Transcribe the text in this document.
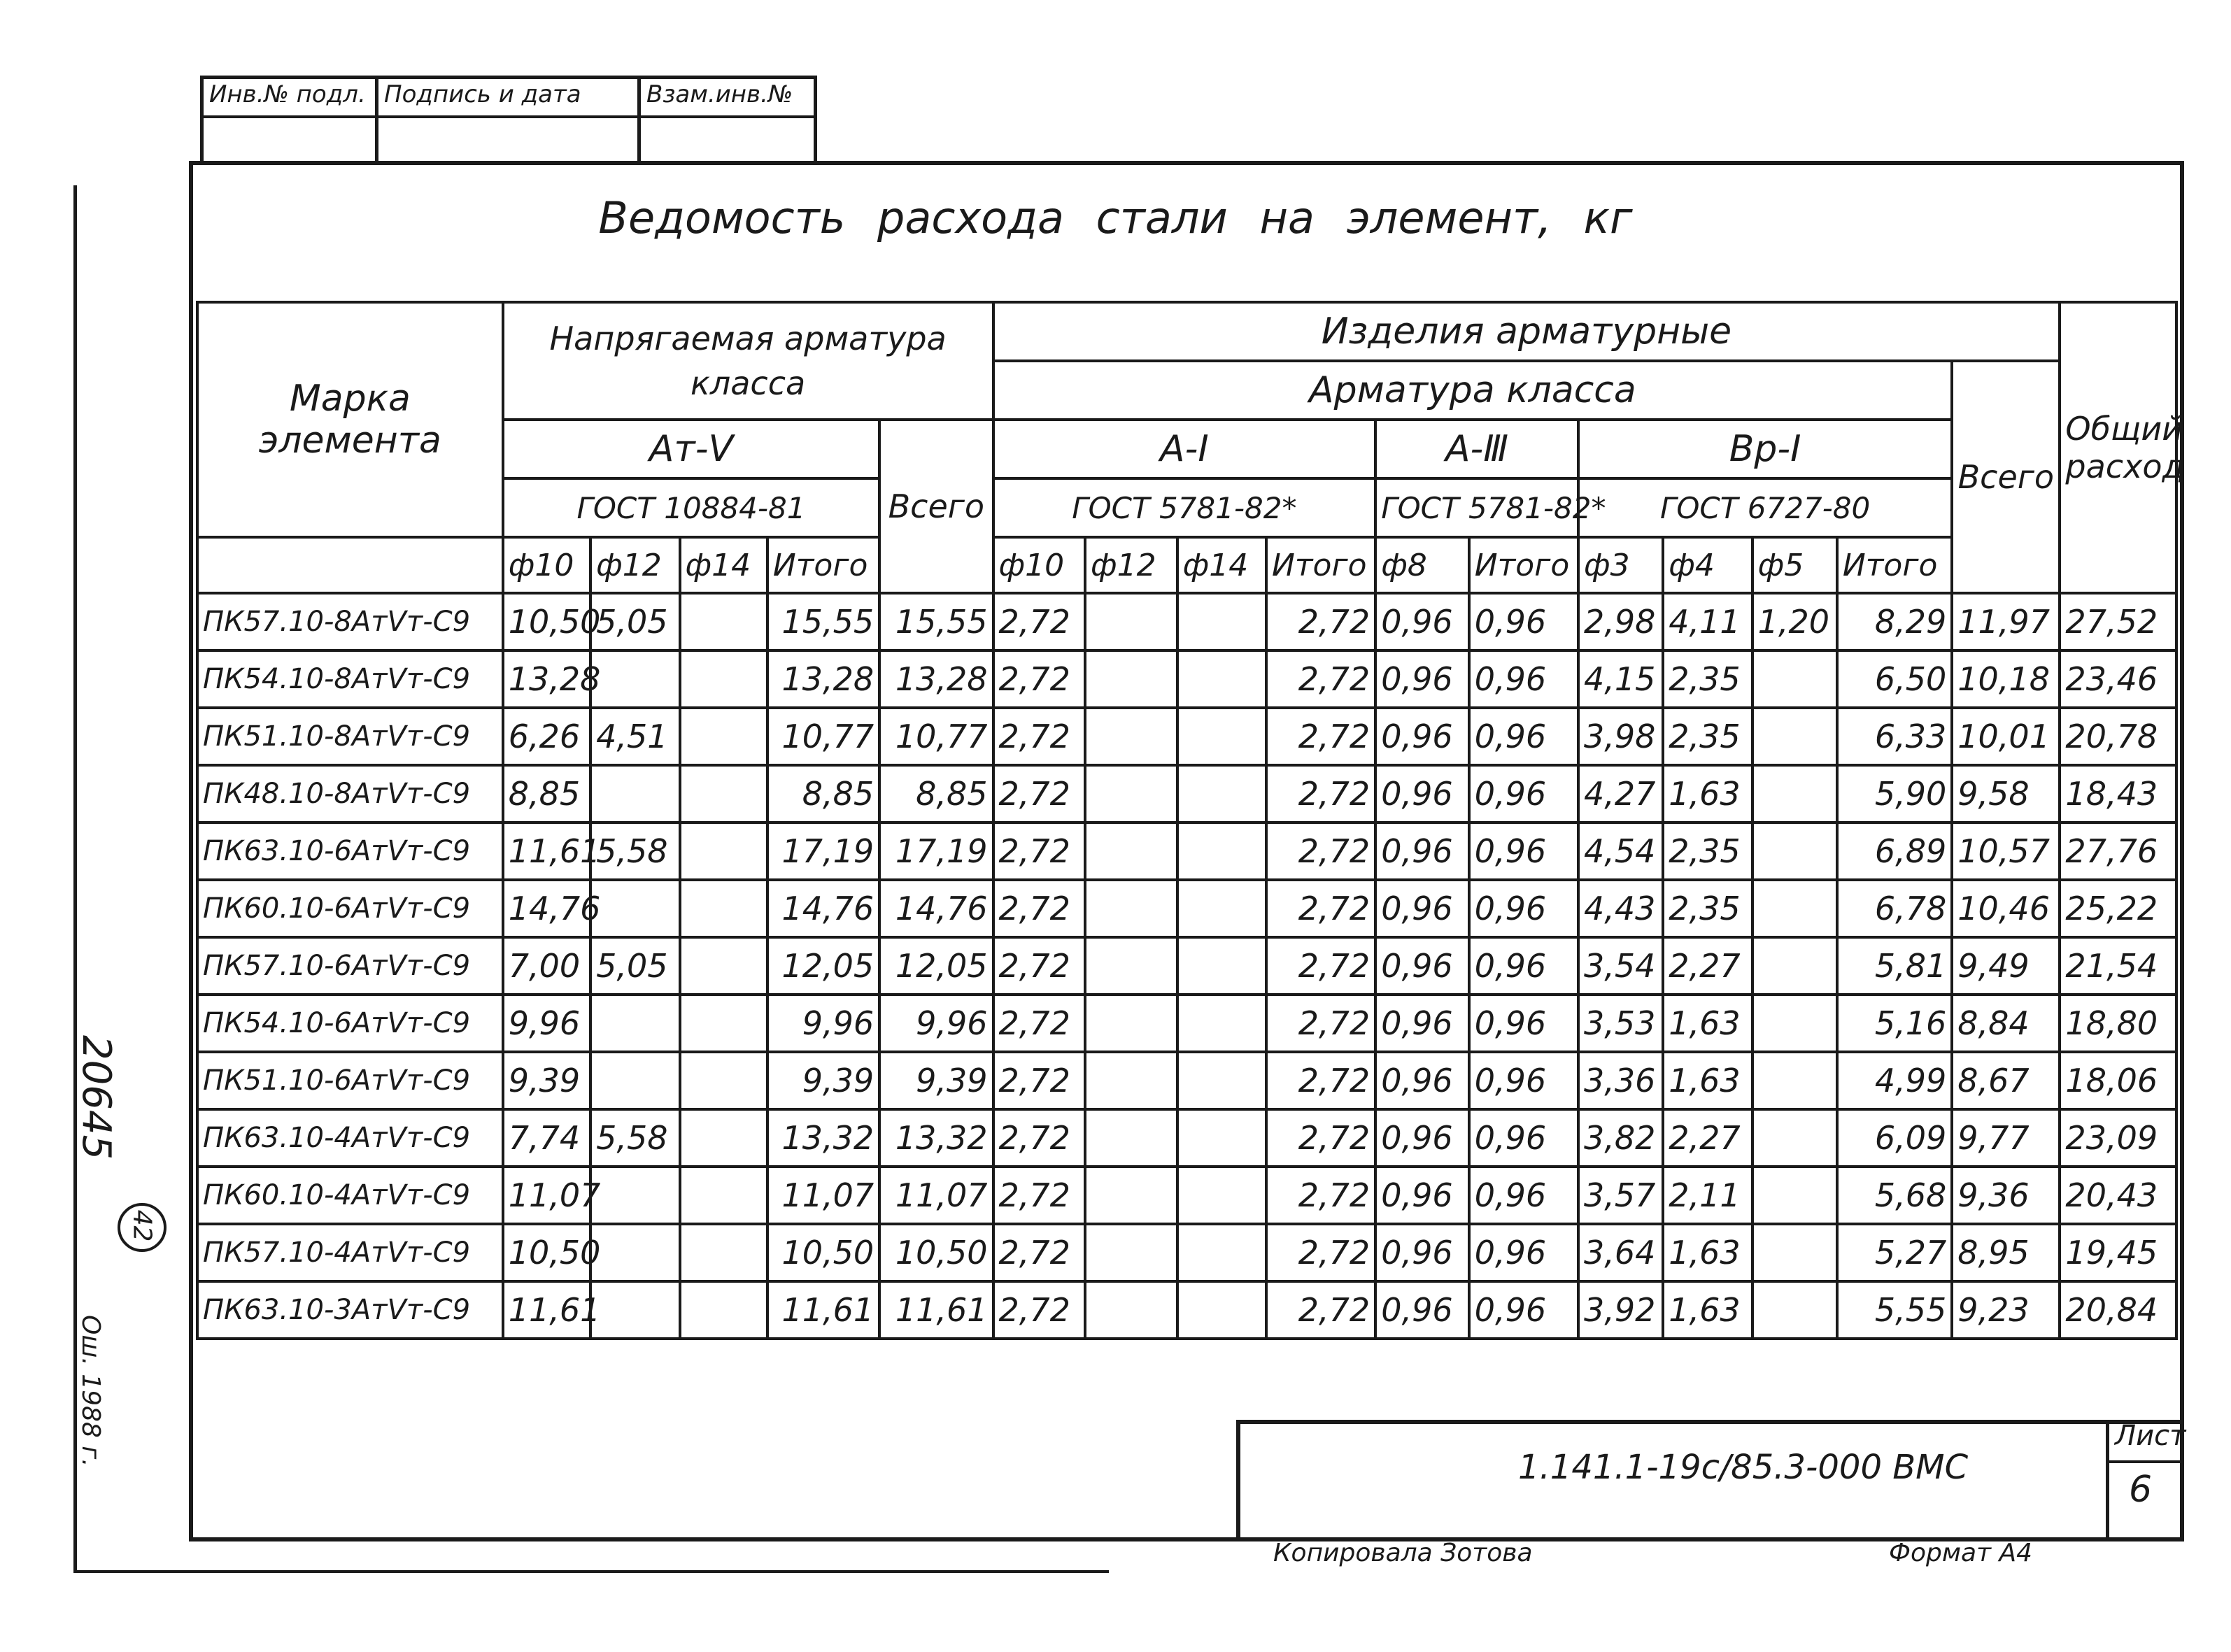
Инв.№ подл. Подпись и дата	Взам.инв.№
20645
42
Ош. 1988 г.
Ведомость расхода стали на элемент, кг
Марка элемента	Напрягаемая арматура класса					Изделия арматурные											Общий расход
						Арматура класса										Всего	
	Ат-Ⅴ				Всего	А-Ⅰ				А-Ⅲ		Вр-Ⅰ					
	ГОСТ 10884-81					ГОСТ 5781-82*				ГОСТ 5781-82*		ГОСТ 6727-80					
	ф10	ф12	ф14	Итого		ф10	ф12	ф14	Итого	ф8	Итого	ф3	ф4	ф5	Итого		
ПК57.10-8АтⅤт-С9	10,50	5,05		15,55	15,55	2,72			2,72	0,96	0,96	2,98	4,11	1,20	8,29	11,97	27,52
ПК54.10-8АтⅤт-С9	13,28			13,28	13,28	2,72			2,72	0,96	0,96	4,15	2,35		6,50	10,18	23,46
ПК51.10-8АтⅤт-С9	6,26	4,51		10,77	10,77	2,72			2,72	0,96	0,96	3,98	2,35		6,33	10,01	20,78
ПК48.10-8АтⅤт-С9	8,85			8,85	8,85	2,72			2,72	0,96	0,96	4,27	1,63		5,90	9,58	18,43
ПК63.10-6АтⅤт-С9	11,61	5,58		17,19	17,19	2,72			2,72	0,96	0,96	4,54	2,35		6,89	10,57	27,76
ПК60.10-6АтⅤт-С9	14,76			14,76	14,76	2,72			2,72	0,96	0,96	4,43	2,35		6,78	10,46	25,22
ПК57.10-6АтⅤт-С9	7,00	5,05		12,05	12,05	2,72			2,72	0,96	0,96	3,54	2,27		5,81	9,49	21,54
ПК54.10-6АтⅤт-С9	9,96			9,96	9,96	2,72			2,72	0,96	0,96	3,53	1,63		5,16	8,84	18,80
ПК51.10-6АтⅤт-С9	9,39			9,39	9,39	2,72			2,72	0,96	0,96	3,36	1,63		4,99	8,67	18,06
ПК63.10-4АтⅤт-С9	7,74	5,58		13,32	13,32	2,72			2,72	0,96	0,96	3,82	2,27		6,09	9,77	23,09
ПК60.10-4АтⅤт-С9	11,07			11,07	11,07	2,72			2,72	0,96	0,96	3,57	2,11		5,68	9,36	20,43
ПК57.10-4АтⅤт-С9	10,50			10,50	10,50	2,72			2,72	0,96	0,96	3,64	1,63		5,27	8,95	19,45
ПК63.10-3АтⅤт-С9	11,61			11,61	11,61	2,72			2,72	0,96	0,96	3,92	1,63		5,55	9,23	20,84
1.141.1-19с/85.3-000 ВМС
Лист
6
Копировала Зотова	Формат А4
